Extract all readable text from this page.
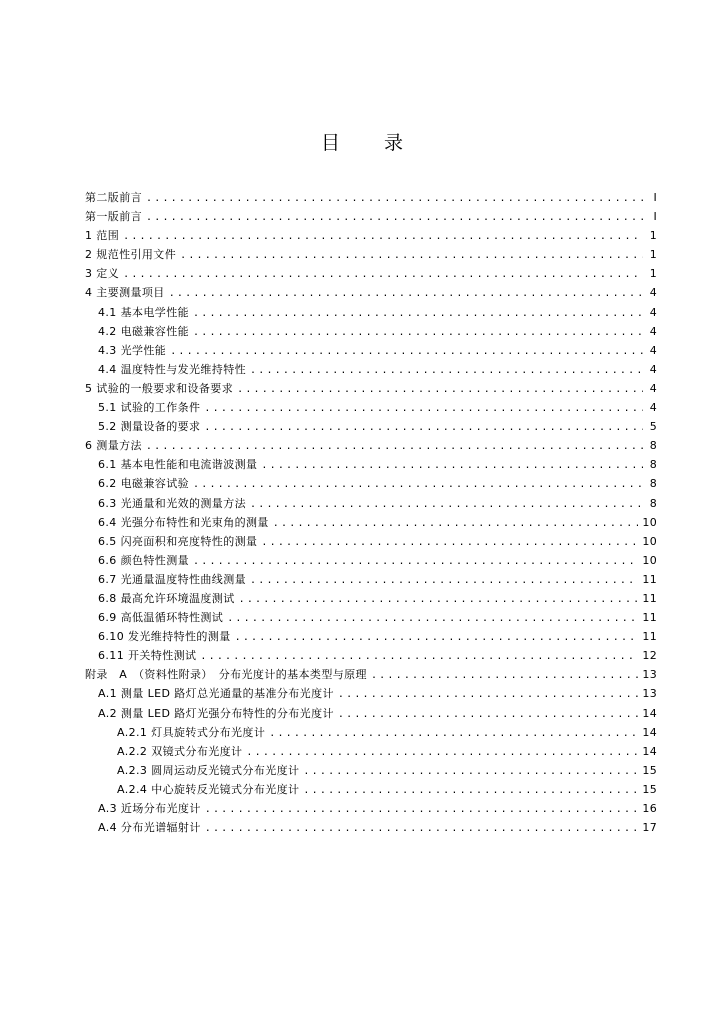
目 录
第二版前言 .....	I
第一版前言 .....	I
1 范围 .....	1
2 规范性引用文件 .....	1
3 定义 .....	1
4 主要测量项目 .....	4
4.1 基本电学性能 .....	4
4.2 电磁兼容性能 .....	4
4.3 光学性能 .....	4
4.4 温度特性与发光维持特性 .....	4
5 试验的一般要求和设备要求 .....	4
5.1 试验的工作条件 .....	4
5.2 测量设备的要求 .....	5
6 测量方法 .....	8
6.1 基本电性能和电流谐波测量 .....	8
6.2 电磁兼容试验 .....	8
6.3 光通量和光效的测量方法 .....	8
6.4 光强分布特性和光束角的测量 .....	10
6.5 闪亮面积和亮度特性的测量 .....	10
6.6 颜色特性测量 .....	10
6.7 光通量温度特性曲线测量 .....	11
6.8 最高允许环境温度测试 .....	11
6.9 高低温循环特性测试 .....	11
6.10 发光维持特性的测量 .....	11
6.11 开关特性测试 .....	12
附录　A　（资料性附录）　分布光度计的基本类型与原理 .....	13
A.1 测量 LED 路灯总光通量的基准分布光度计 .....	13
A.2 测量 LED 路灯光强分布特性的分布光度计 .....	14
A.2.1 灯具旋转式分布光度计 .....	14
A.2.2 双镜式分布光度计 .....	14
A.2.3 圆周运动反光镜式分布光度计 .....	15
A.2.4 中心旋转反光镜式分布光度计 .....	15
A.3 近场分布光度计 .....	16
A.4 分布光谱辐射计 .....	17
